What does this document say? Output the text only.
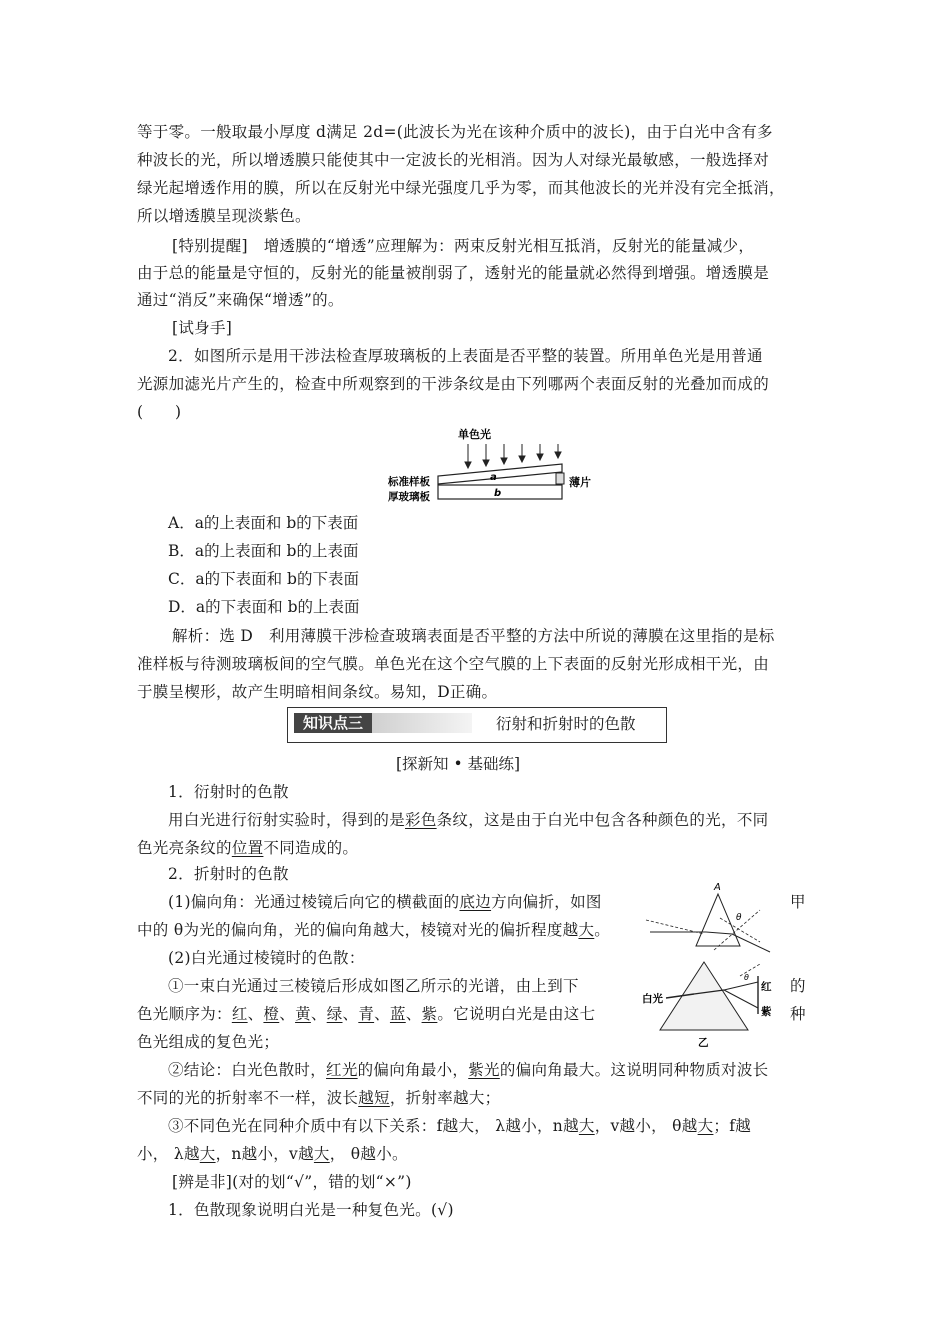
等于零。一般取最小厚度 d满足 2d=(此波长为光在该种介质中的波长)，由于白光中含有多
种波长的光，所以增透膜只能使其中一定波长的光相消。因为人对绿光最敏感，一般选择对
绿光起增透作用的膜，所以在反射光中绿光强度几乎为零，而其他波长的光并没有完全抵消，
所以增透膜呈现淡紫色。
[特别提醒]　增透膜的“增透”应理解为：两束反射光相互抵消，反射光的能量减少，
由于总的能量是守恒的，反射光的能量被削弱了，透射光的能量就必然得到增强。增透膜是
通过“消反”来确保“增透”的。
[试身手]
2．如图所示是用干涉法检查厚玻璃板的上表面是否平整的装置。所用单色光是用普通
光源加滤光片产生的，检查中所观察到的干涉条纹是由下列哪两个表面反射的光叠加而成的
(　　)
单色光
a	薄片
b
标准样板
厚玻璃板
A．a的上表面和 b的下表面
B．a的上表面和 b的上表面
C．a的下表面和 b的下表面
D．a的下表面和 b的上表面
解析：选 D　利用薄膜干涉检查玻璃表面是否平整的方法中所说的薄膜在这里指的是标
准样板与待测玻璃板间的空气膜。单色光在这个空气膜的上下表面的反射光形成相干光，由
于膜呈楔形，故产生明暗相间条纹。易知，D正确。
知识点三	衍射和折射时的色散
[探新知 • 基础练]
1．衍射时的色散
用白光进行衍射实验时，得到的是彩色条纹，这是由于白光中包含各种颜色的光，不同
色光亮条纹的位置不同造成的。
2．折射时的色散
(1)偏向角：光通过棱镜后向它的横截面的底边方向偏折，如图	甲
中的 θ为光的偏向角，光的偏向角越大，棱镜对光的偏折程度越大。
(2)白光通过棱镜时的色散：
①一束白光通过三棱镜后形成如图乙所示的光谱，由上到下	的
色光顺序为：红、橙、黄、绿、青、蓝、紫。它说明白光是由这七	种
色光组成的复色光；
②结论：白光色散时，红光的偏向角最小，紫光的偏向角最大。这说明同种物质对波长
不同的光的折射率不一样，波长越短，折射率越大；
③不同色光在同种介质中有以下关系：f越大， λ越小，n越大，v越小， θ越大；f越
小， λ越大，n越小，v越大， θ越小。
[辨是非](对的划“√”，错的划“×”)
1．色散现象说明白光是一种复色光。(√)
A
θ
白光
θ
红
紫
乙
